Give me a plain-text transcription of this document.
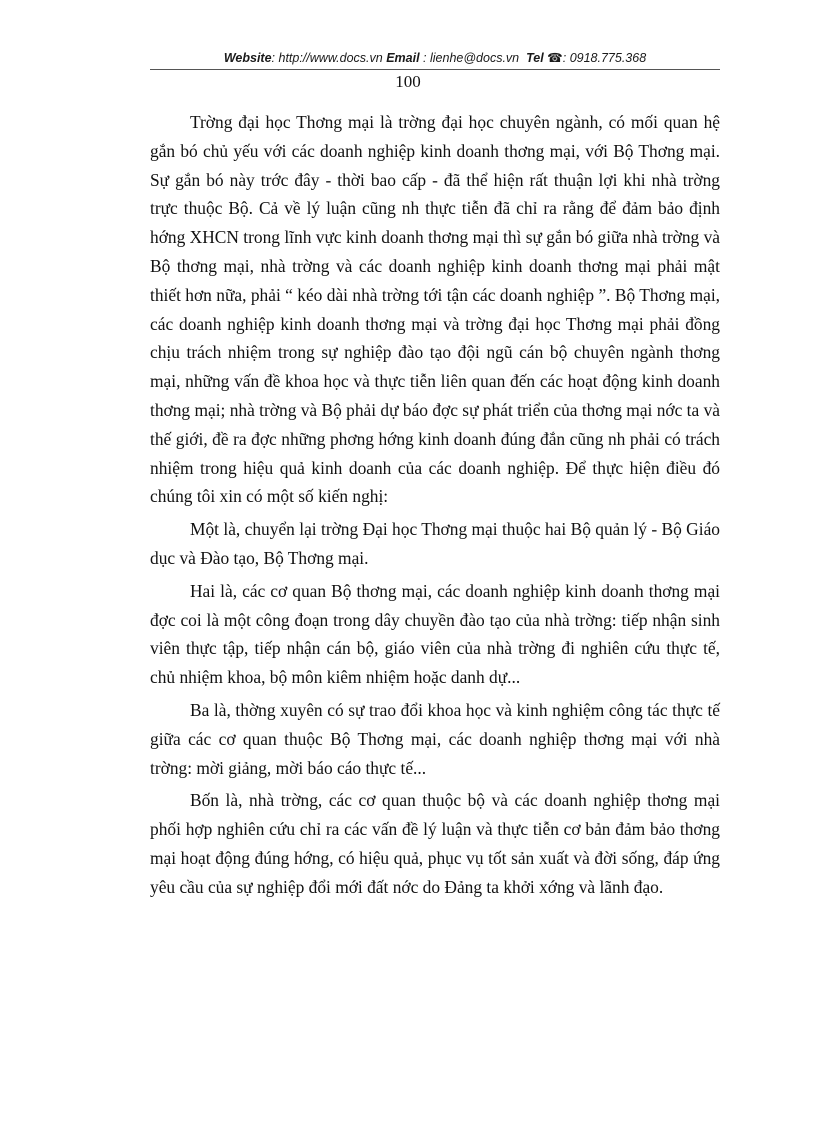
Website: http://www.docs.vn Email : lienhe@docs.vn Tel ☎: 0918.775.368
100

Trờng đại học Thơng mại là trờng đại học chuyên ngành, có mối quan hệ gắn bó chủ yếu với các doanh nghiệp kinh doanh thơng mại, với Bộ Thơng mại. Sự gắn bó này trớc đây - thời bao cấp - đã thể hiện rất thuận lợi khi nhà trờng trực thuộc Bộ. Cả về lý luận cũng nh thực tiễn đã chỉ ra rằng để đảm bảo định hớng XHCN trong lĩnh vực kinh doanh thơng mại thì sự gắn bó giữa nhà trờng và Bộ thơng mại, nhà trờng và các doanh nghiệp kinh doanh thơng mại phải mật thiết hơn nữa, phải “ kéo dài nhà trờng tới tận các doanh nghiệp ”. Bộ Thơng mại, các doanh nghiệp kinh doanh thơng mại và trờng đại học Thơng mại phải đồng chịu trách nhiệm trong sự nghiệp đào tạo đội ngũ cán bộ chuyên ngành thơng mại, những vấn đề khoa học và thực tiễn liên quan đến các hoạt động kinh doanh thơng mại; nhà trờng và Bộ phải dự báo đợc sự phát triển của thơng mại nớc ta và thế giới, đề ra đợc những phơng hớng kinh doanh đúng đắn cũng nh phải có trách nhiệm trong hiệu quả kinh doanh của các doanh nghiệp. Để thực hiện điều đó chúng tôi xin có một số kiến nghị:

Một là, chuyển lại trờng Đại học Thơng mại thuộc hai Bộ quản lý - Bộ Giáo dục và Đào tạo, Bộ Thơng mại.

Hai là, các cơ quan Bộ thơng mại, các doanh nghiệp kinh doanh thơng mại đợc coi là một công đoạn trong dây chuyền đào tạo của nhà trờng: tiếp nhận sinh viên thực tập, tiếp nhận cán bộ, giáo viên của nhà trờng đi nghiên cứu thực tế, chủ nhiệm khoa, bộ môn kiêm nhiệm hoặc danh dự...

Ba là, thờng xuyên có sự trao đổi khoa học và kinh nghiệm công tác thực tế giữa các cơ quan thuộc Bộ Thơng mại, các doanh nghiệp thơng mại với nhà trờng: mời giảng, mời báo cáo thực tế...

Bốn là, nhà trờng, các cơ quan thuộc bộ và các doanh nghiệp thơng mại phối hợp nghiên cứu chỉ ra các vấn đề lý luận và thực tiễn cơ bản đảm bảo thơng mại hoạt động đúng hớng, có hiệu quả, phục vụ tốt sản xuất và đời sống, đáp ứng yêu cầu của sự nghiệp đổi mới đất nớc do Đảng ta khởi xớng và lãnh đạo.
